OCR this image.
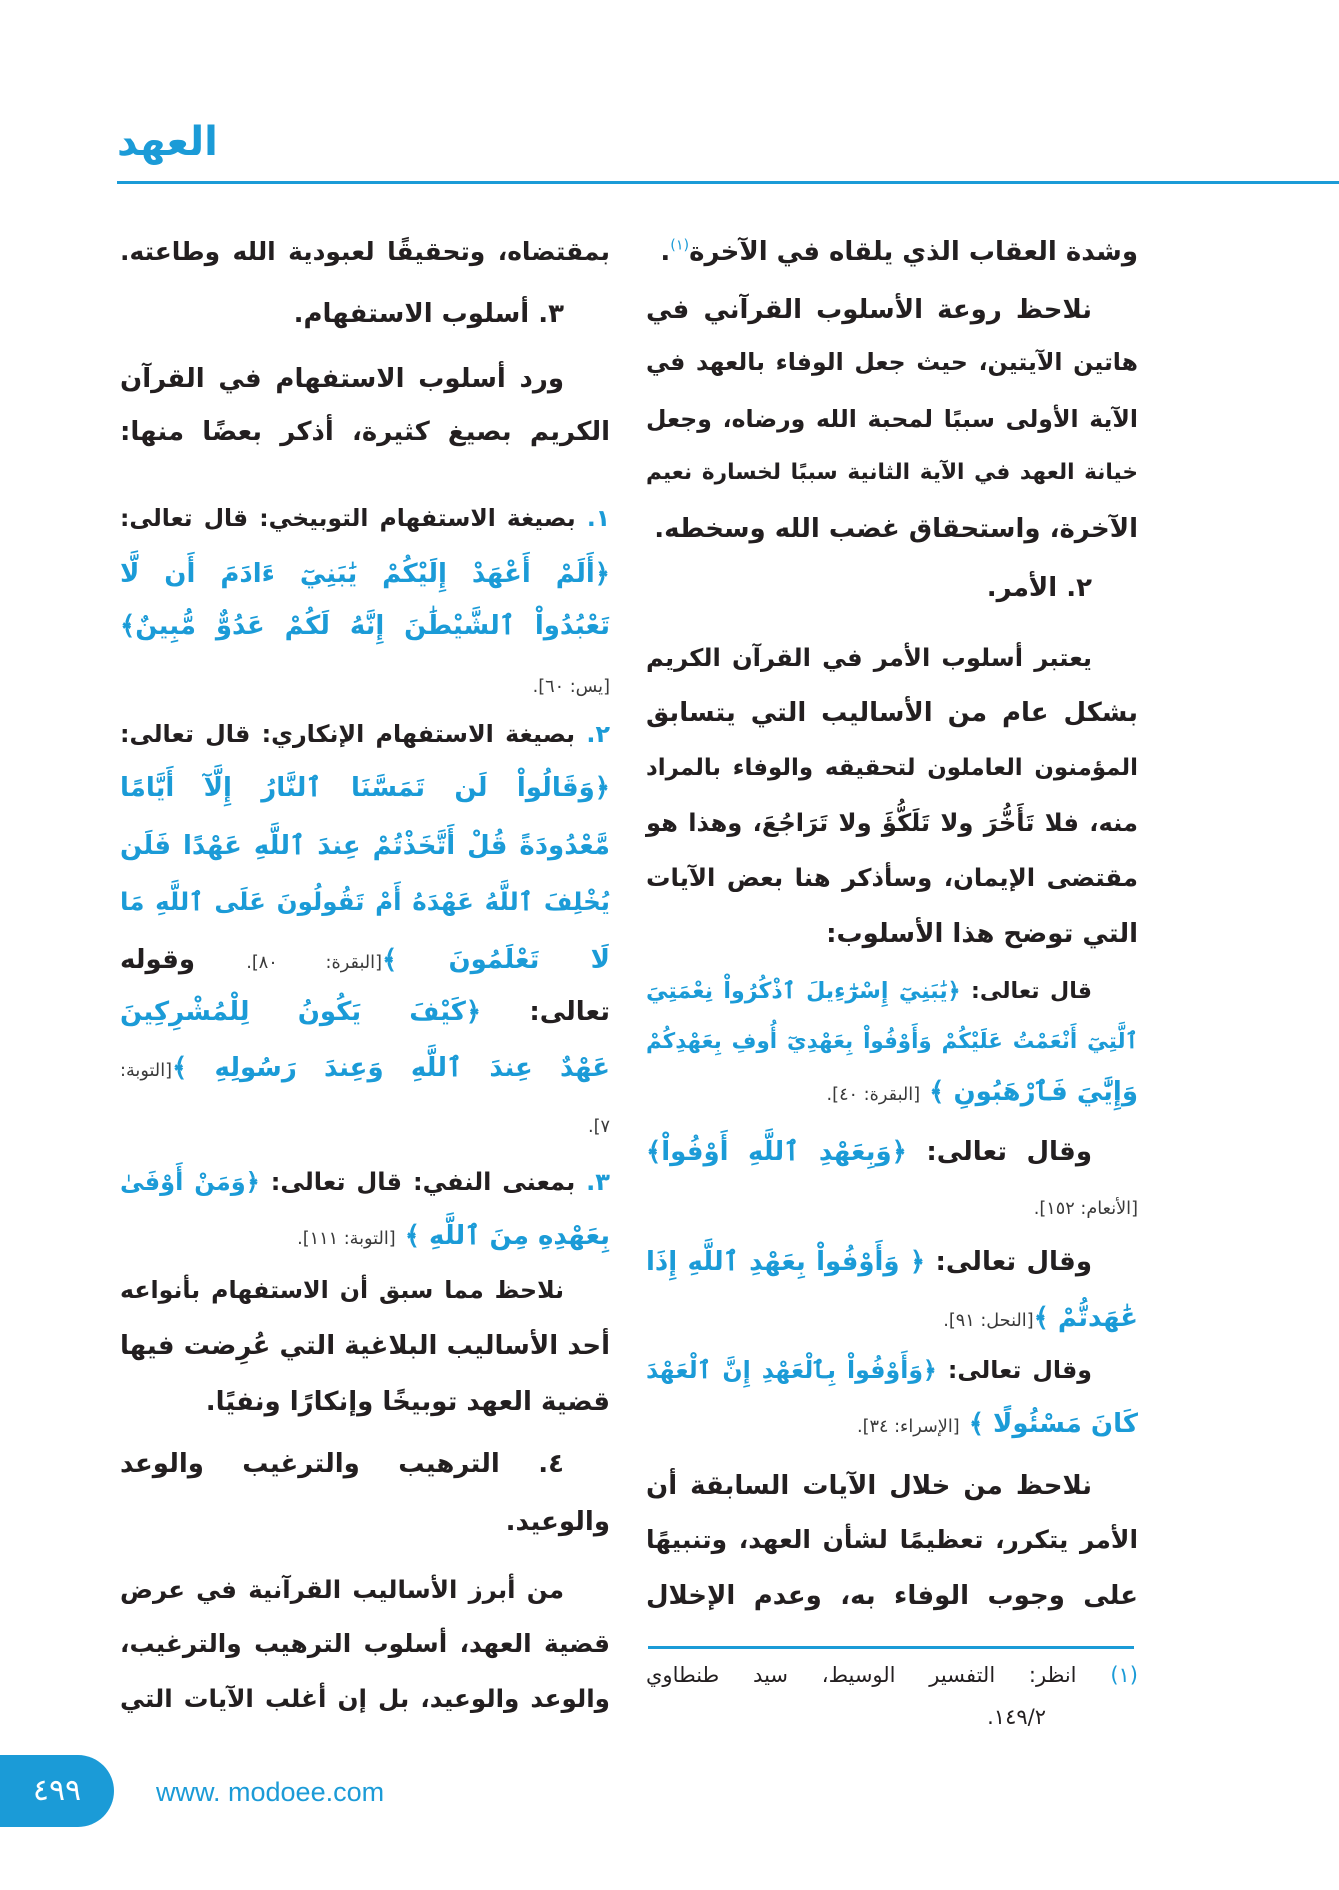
العهد
وشدة العقاب الذي يلقاه في الآخرة$^{(١)}$.
نلاحظ روعة الأسلوب القرآني في
هاتين الآيتين، حيث جعل الوفاء بالعهد في
الآية الأولى سببًا لمحبة الله ورضاه، وجعل
خيانة العهد في الآية الثانية سببًا لخسارة نعيم
الآخرة، واستحقاق غضب الله وسخطه.
٢. الأمر.
يعتبر أسلوب الأمر في القرآن الكريم
بشكل عام من الأساليب التي يتسابق
المؤمنون العاملون لتحقيقه والوفاء بالمراد
منه، فلا تَأَخُّرَ ولا تَلَكُّؤَ ولا تَرَاجُعَ، وهذا هو
مقتضى الإيمان، وسأذكر هنا بعض الآيات
التي توضح هذا الأسلوب:
قال تعالى: ﴿يَٰبَنِيٓ إِسْرَٰٓءِيلَ ٱذْكُرُواْ نِعْمَتِيَ
ٱلَّتِيٓ أَنْعَمْتُ عَلَيْكُمْ وَأَوْفُواْ بِعَهْدِيٓ أُوفِ بِعَهْدِكُمْ
وَإِيَّٰيَ فَٱرْهَبُونِ ﴾ [البقرة: ٤٠].
وقال تعالى: ﴿وَبِعَهْدِ ٱللَّهِ أَوْفُواْ﴾
[الأنعام: ١٥٢].
وقال تعالى: ﴿ وَأَوْفُواْ بِعَهْدِ ٱللَّهِ إِذَا
عَٰهَدتُّمْ ﴾[النحل: ٩١].
وقال تعالى: ﴿وَأَوْفُواْ بِٱلْعَهْدِ إِنَّ ٱلْعَهْدَ
كَانَ مَسْئُولًا ﴾ [الإسراء: ٣٤].
نلاحظ من خلال الآيات السابقة أن
الأمر يتكرر، تعظيمًا لشأن العهد، وتنبيهًا
على وجوب الوفاء به، وعدم الإخلال
(١) انظر: التفسير الوسيط، سيد طنطاوي
١٤٩/٢.
بمقتضاه، وتحقيقًا لعبودية الله وطاعته.
٣. أسلوب الاستفهام.
ورد أسلوب الاستفهام في القرآن
الكريم بصيغ كثيرة، أذكر بعضًا منها:
١. بصيغة الاستفهام التوبيخي: قال تعالى:
﴿أَلَمْ أَعْهَدْ إِلَيْكُمْ يَٰبَنِيٓ ءَادَمَ أَن لَّا
تَعْبُدُواْ ٱلشَّيْطَٰنَ إِنَّهُ لَكُمْ عَدُوٌّ مُّبِينٌ﴾
[يس: ٦٠].
٢. بصيغة الاستفهام الإنكاري: قال تعالى:
﴿وَقَالُواْ لَن تَمَسَّنَا ٱلنَّارُ إِلَّآ أَيَّامًا
مَّعْدُودَةً قُلْ أَتَّخَذْتُمْ عِندَ ٱللَّهِ عَهْدًا فَلَن
يُخْلِفَ ٱللَّهُ عَهْدَهُ أَمْ تَقُولُونَ عَلَى ٱللَّهِ مَا
لَا تَعْلَمُونَ ﴾[البقرة: ٨٠]. وقوله
تعالى: ﴿كَيْفَ يَكُونُ لِلْمُشْرِكِينَ
عَهْدٌ عِندَ ٱللَّهِ وَعِندَ رَسُولِهِ ﴾[التوبة:
٧].
٣. بمعنى النفي: قال تعالى: ﴿وَمَنْ أَوْفَىٰ
بِعَهْدِهِ مِنَ ٱللَّهِ ﴾ [التوبة: ١١١].
نلاحظ مما سبق أن الاستفهام بأنواعه
أحد الأساليب البلاغية التي عُرِضت فيها
قضية العهد توبيخًا وإنكارًا ونفيًا.
٤. الترهيب والترغيب والوعد
والوعيد.
من أبرز الأساليب القرآنية في عرض
قضية العهد، أسلوب الترهيب والترغيب،
والوعد والوعيد، بل إن أغلب الآيات التي
٤٩٩	www. modoee.com
